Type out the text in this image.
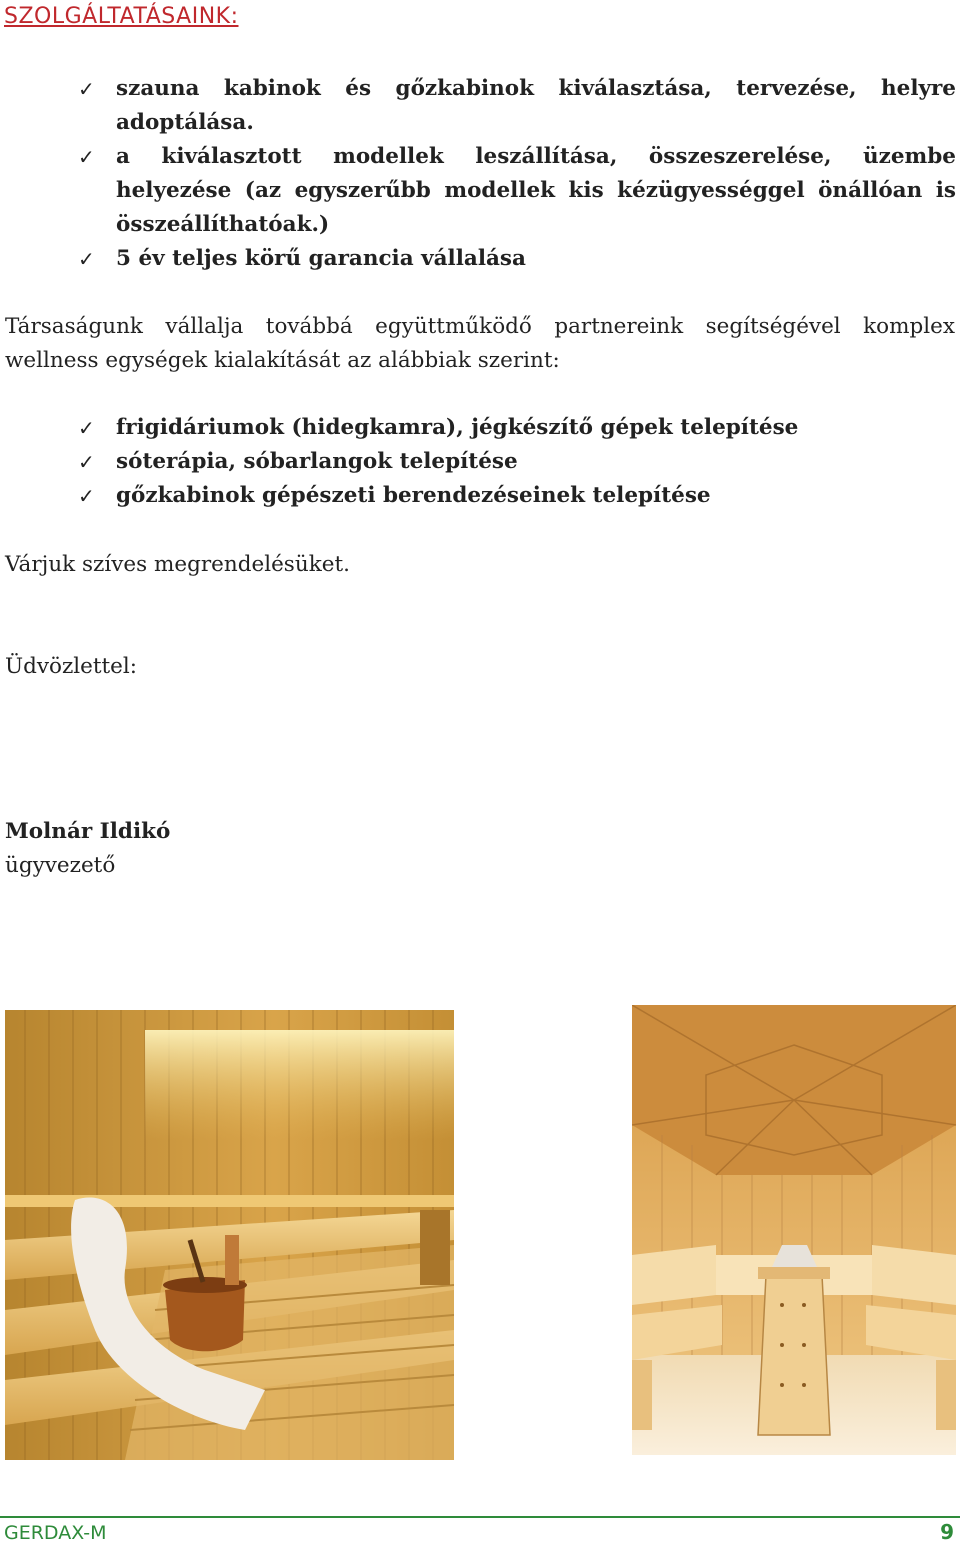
SZOLGÁLTATÁSAINK:
✓ szauna kabinok és gőzkabinok kiválasztása, tervezése, helyre adoptálása.
✓ a kiválasztott modellek leszállítása, összeszerelése, üzembe helyezése (az egyszerűbb modellek kis kézügyességgel önállóan is összeállíthatóak.)
✓ 5 év teljes körű garancia vállalása

Társaságunk vállalja továbbá együttműködő partnereink segítségével komplex wellness egységek kialakítását az alábbiak szerint:

✓ frigidáriumok (hidegkamra), jégkészítő gépek telepítése
✓ sóterápia, sóbarlangok telepítése
✓ gőzkabinok gépészeti berendezéseinek telepítése

Várjuk szíves megrendelésüket.

Üdvözlettel:

Molnár Ildikó
ügyvezető
GERDAX-M	9
